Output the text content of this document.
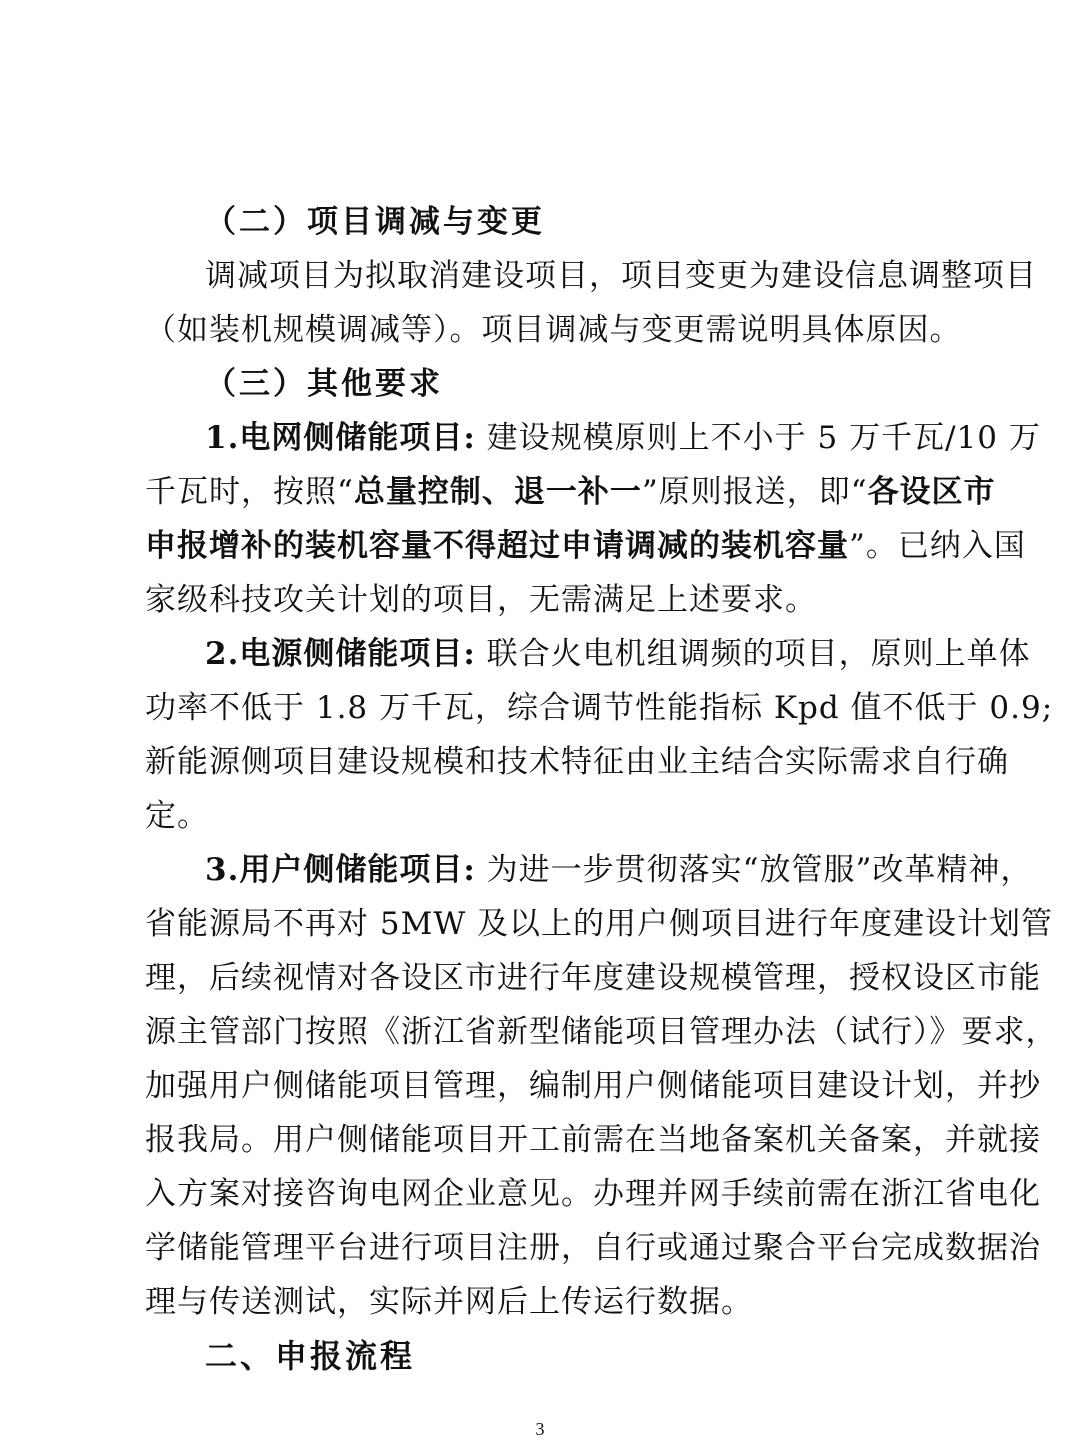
（二）项目调减与变更
调减项目为拟取消建设项目，项目变更为建设信息调整项目
（如装机规模调减等）。项目调减与变更需说明具体原因。
（三）其他要求
1.电网侧储能项目: 建设规模原则上不小于 5 万千瓦/10 万
千瓦时，按照“总量控制、退一补一”原则报送，即“各设区市
申报增补的装机容量不得超过申请调减的装机容量”。已纳入国
家级科技攻关计划的项目，无需满足上述要求。
2.电源侧储能项目: 联合火电机组调频的项目，原则上单体
功率不低于 1.8 万千瓦，综合调节性能指标 Kpd 值不低于 0.9;
新能源侧项目建设规模和技术特征由业主结合实际需求自行确
定。
3.用户侧储能项目: 为进一步贯彻落实“放管服”改革精神，
省能源局不再对 5MW 及以上的用户侧项目进行年度建设计划管
理，后续视情对各设区市进行年度建设规模管理，授权设区市能
源主管部门按照《浙江省新型储能项目管理办法（试行）》要求，
加强用户侧储能项目管理，编制用户侧储能项目建设计划，并抄
报我局。用户侧储能项目开工前需在当地备案机关备案，并就接
入方案对接咨询电网企业意见。办理并网手续前需在浙江省电化
学储能管理平台进行项目注册，自行或通过聚合平台完成数据治
理与传送测试，实际并网后上传运行数据。
二、申报流程
3
